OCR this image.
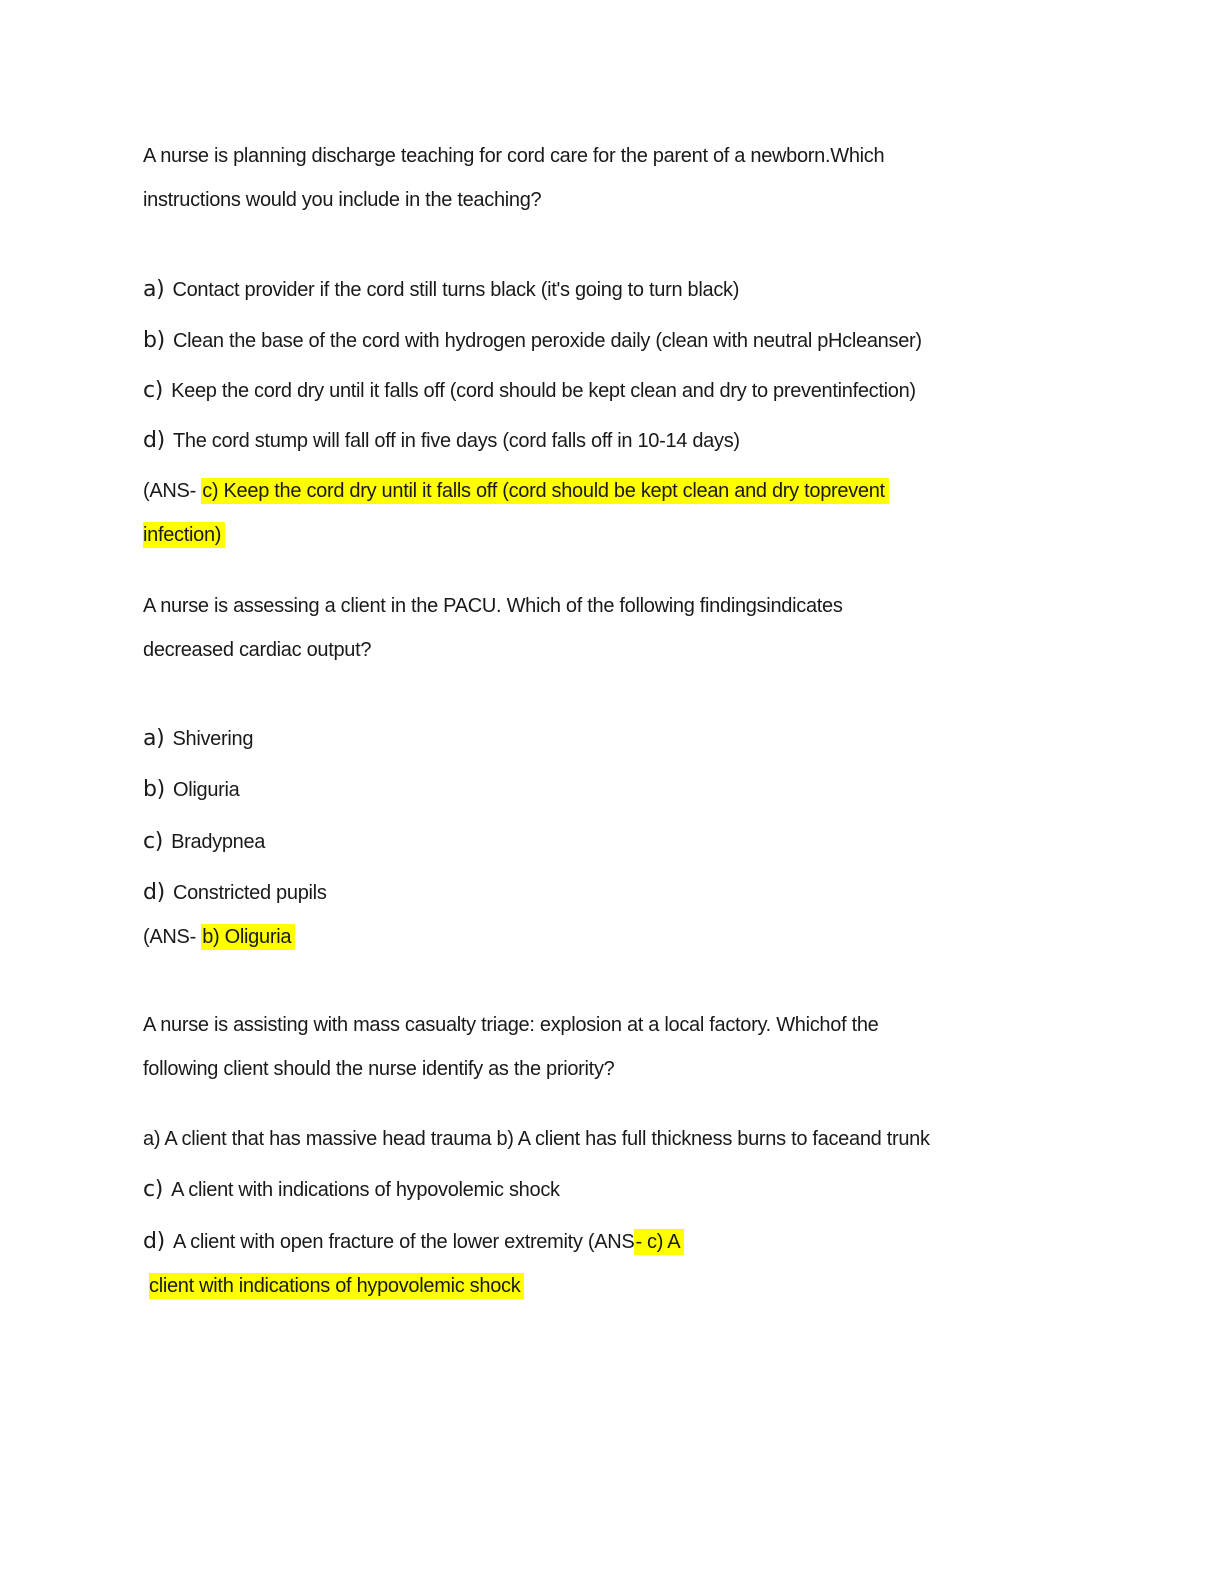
A nurse is planning discharge teaching for cord care for the parent of a newborn.Which
instructions would you include in the teaching?
a) Contact provider if the cord still turns black (it's going to turn black)
b) Clean the base of the cord with hydrogen peroxide daily (clean with neutral pHcleanser)
c) Keep the cord dry until it falls off (cord should be kept clean and dry to preventinfection)
d) The cord stump will fall off in five days (cord falls off in 10-14 days)
(ANS- c) Keep the cord dry until it falls off (cord should be kept clean and dry toprevent
infection)
A nurse is assessing a client in the PACU. Which of the following findingsindicates
decreased cardiac output?
a) Shivering
b) Oliguria
c) Bradypnea
d) Constricted pupils
(ANS- b) Oliguria
A nurse is assisting with mass casualty triage: explosion at a local factory. Whichof the
following client should the nurse identify as the priority?
a) A client that has massive head trauma b) A client has full thickness burns to faceand trunk
c) A client with indications of hypovolemic shock
d) A client with open fracture of the lower extremity (ANS- c) A
client with indications of hypovolemic shock
